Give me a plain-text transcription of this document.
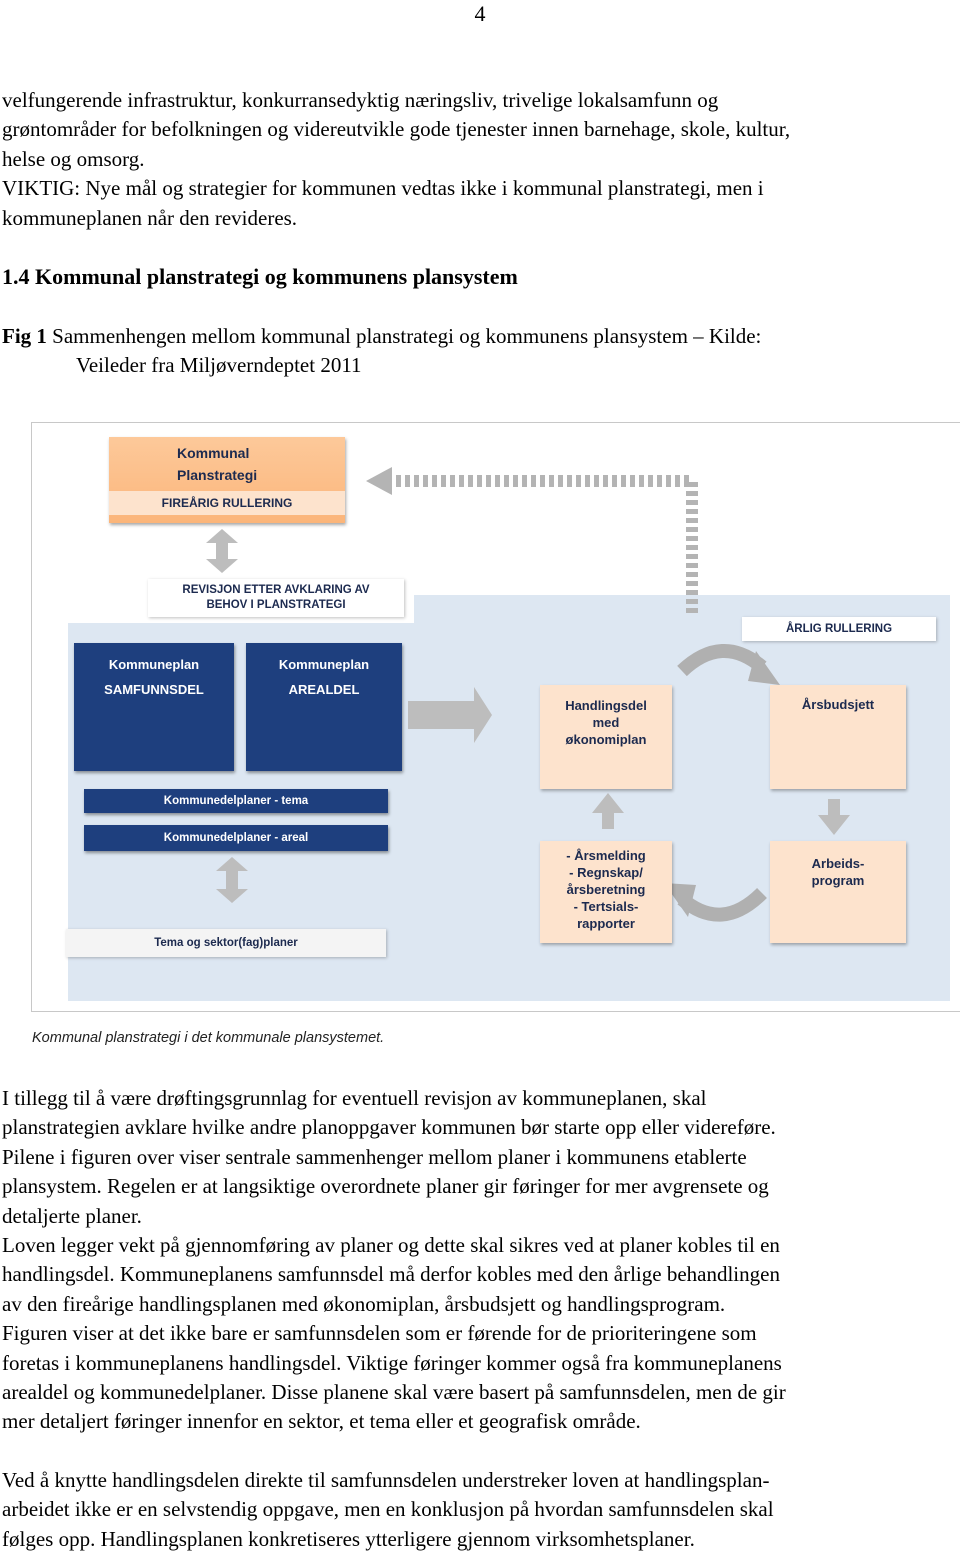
4
velfungerende infrastruktur, konkurransedyktig næringsliv, trivelige lokalsamfunn og
grøntområder for befolkningen og videreutvikle gode tjenester innen barnehage, skole, kultur,
helse og omsorg.
VIKTIG: Nye mål og strategier for kommunen vedtas ikke i kommunal planstrategi, men i
kommuneplanen når den revideres.
1.4 Kommunal planstrategi og kommunens plansystem
Fig 1 Sammenhengen mellom kommunal planstrategi og kommunens plansystem – Kilde:
Veileder fra Miljøverndeptet 2011
Kommunal
Planstrategi
FIREÅRIG RULLERING
REVISJON ETTER AVKLARING AV
BEHOV I PLANSTRATEGI
ÅRLIG RULLERING
Kommuneplan
SAMFUNNSDEL
Kommuneplan
AREALDEL
Kommunedelplaner - tema
Kommunedelplaner - areal
Tema og sektor(fag)planer
Handlingsdel
med
økonomiplan
Årsbudsjett
- Årsmelding
- Regnskap/
årsberetning
- Tertsials-
rapporter
Arbeids-
program
Kommunal planstrategi i det kommunale plansystemet.
I tillegg til å være drøftingsgrunnlag for eventuell revisjon av kommuneplanen, skal
planstrategien avklare hvilke andre planoppgaver kommunen bør starte opp eller videreføre.
Pilene i figuren over viser sentrale sammenhenger mellom planer i kommunens etablerte
plansystem. Regelen er at langsiktige overordnete planer gir føringer for mer avgrensete og
detaljerte planer.
Loven legger vekt på gjennomføring av planer og dette skal sikres ved at planer kobles til en
handlingsdel. Kommuneplanens samfunnsdel må derfor kobles med den årlige behandlingen
av den fireårige handlingsplanen med økonomiplan, årsbudsjett og handlingsprogram.
Figuren viser at det ikke bare er samfunnsdelen som er førende for de prioriteringene som
foretas i kommuneplanens handlingsdel. Viktige føringer kommer også fra kommuneplanens
arealdel og kommunedelplaner. Disse planene skal være basert på samfunnsdelen, men de gir
mer detaljert føringer innenfor en sektor, et tema eller et geografisk område.
Ved å knytte handlingsdelen direkte til samfunnsdelen understreker loven at handlingsplan-
arbeidet ikke er en selvstendig oppgave, men en konklusjon på hvordan samfunnsdelen skal
følges opp. Handlingsplanen konkretiseres ytterligere gjennom virksomhetsplaner.
